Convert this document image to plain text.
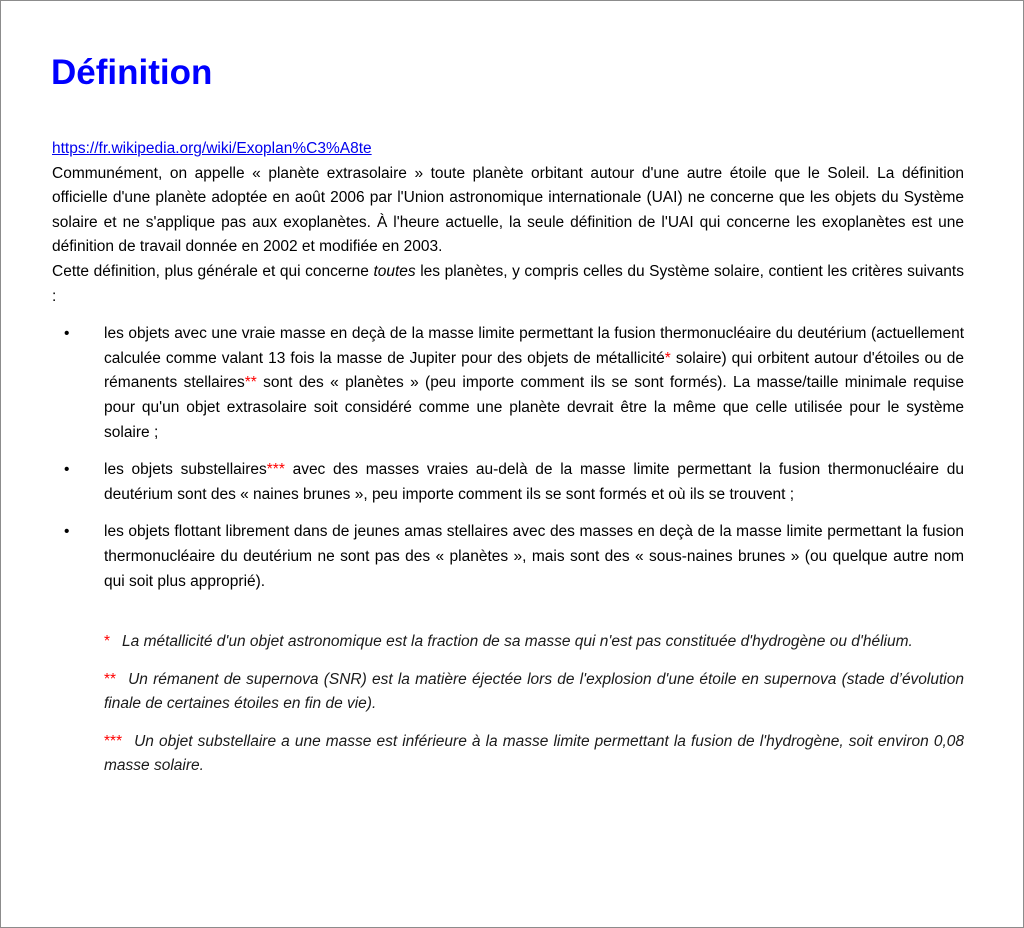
Définition
https://fr.wikipedia.org/wiki/Exoplan%C3%A8te

Communément, on appelle « planète extrasolaire » toute planète orbitant autour d'une autre étoile que le Soleil. La définition officielle d'une planète adoptée en août 2006 par l'Union astronomique internationale (UAI) ne concerne que les objets du Système solaire et ne s'applique pas aux exoplanètes. À l'heure actuelle, la seule définition de l'UAI qui concerne les exoplanètes est une définition de travail donnée en 2002 et modifiée en 2003.

Cette définition, plus générale et qui concerne toutes les planètes, y compris celles du Système solaire, contient les critères suivants :

• les objets avec une vraie masse en deçà de la masse limite permettant la fusion thermonucléaire du deutérium (actuellement calculée comme valant 13 fois la masse de Jupiter pour des objets de métallicité* solaire) qui orbitent autour d'étoiles ou de rémanents stellaires** sont des « planètes » (peu importe comment ils se sont formés). La masse/taille minimale requise pour qu'un objet extrasolaire soit considéré comme une planète devrait être la même que celle utilisée pour le système solaire ;
• les objets substellaires*** avec des masses vraies au-delà de la masse limite permettant la fusion thermonucléaire du deutérium sont des « naines brunes », peu importe comment ils se sont formés et où ils se trouvent ;
• les objets flottant librement dans de jeunes amas stellaires avec des masses en deçà de la masse limite permettant la fusion thermonucléaire du deutérium ne sont pas des « planètes », mais sont des « sous-naines brunes » (ou quelque autre nom qui soit plus approprié).

* La métallicité d'un objet astronomique est la fraction de sa masse qui n'est pas constituée d'hydrogène ou d'hélium.

** Un rémanent de supernova (SNR) est la matière éjectée lors de l'explosion d'une étoile en supernova (stade d’évolution finale de certaines étoiles en fin de vie).

*** Un objet substellaire a une masse est inférieure à la masse limite permettant la fusion de l'hydrogène, soit environ 0,08 masse solaire.
